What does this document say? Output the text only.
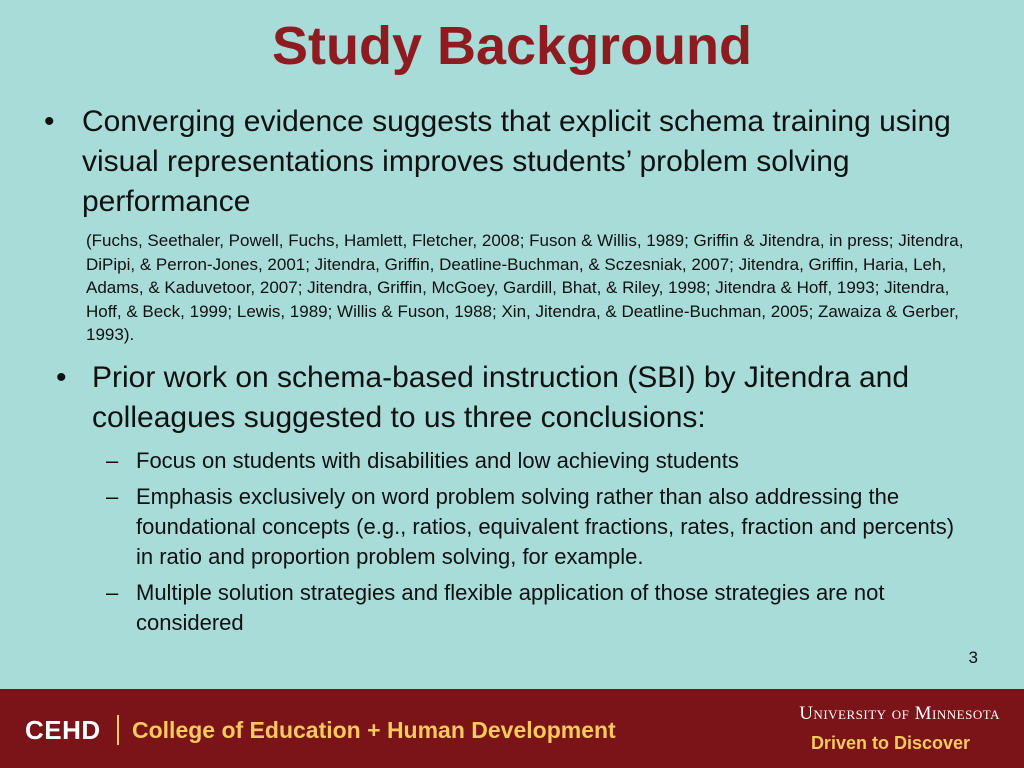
Study Background
• Converging evidence suggests that explicit schema training using visual representations improves students’ problem solving performance
(Fuchs, Seethaler, Powell, Fuchs, Hamlett, Fletcher, 2008; Fuson & Willis, 1989; Griffin & Jitendra, in press; Jitendra, DiPipi, & Perron-Jones, 2001; Jitendra, Griffin, Deatline-Buchman, & Sczesniak, 2007; Jitendra, Griffin, Haria, Leh, Adams, & Kaduvetoor, 2007; Jitendra, Griffin, McGoey, Gardill, Bhat, & Riley, 1998; Jitendra & Hoff, 1993; Jitendra, Hoff, & Beck, 1999; Lewis, 1989; Willis & Fuson, 1988; Xin, Jitendra, & Deatline-Buchman, 2005; Zawaiza & Gerber, 1993).
• Prior work on schema-based instruction (SBI) by Jitendra and colleagues suggested to us three conclusions:
– Focus on students with disabilities and low achieving students
– Emphasis exclusively on word problem solving rather than also addressing the foundational concepts (e.g., ratios, equivalent fractions, rates, fraction and percents) in ratio and proportion problem solving, for example.
– Multiple solution strategies and flexible application of those strategies are not considered
3
CEHD College of Education + Human Development
University of Minnesota
Driven to Discover
